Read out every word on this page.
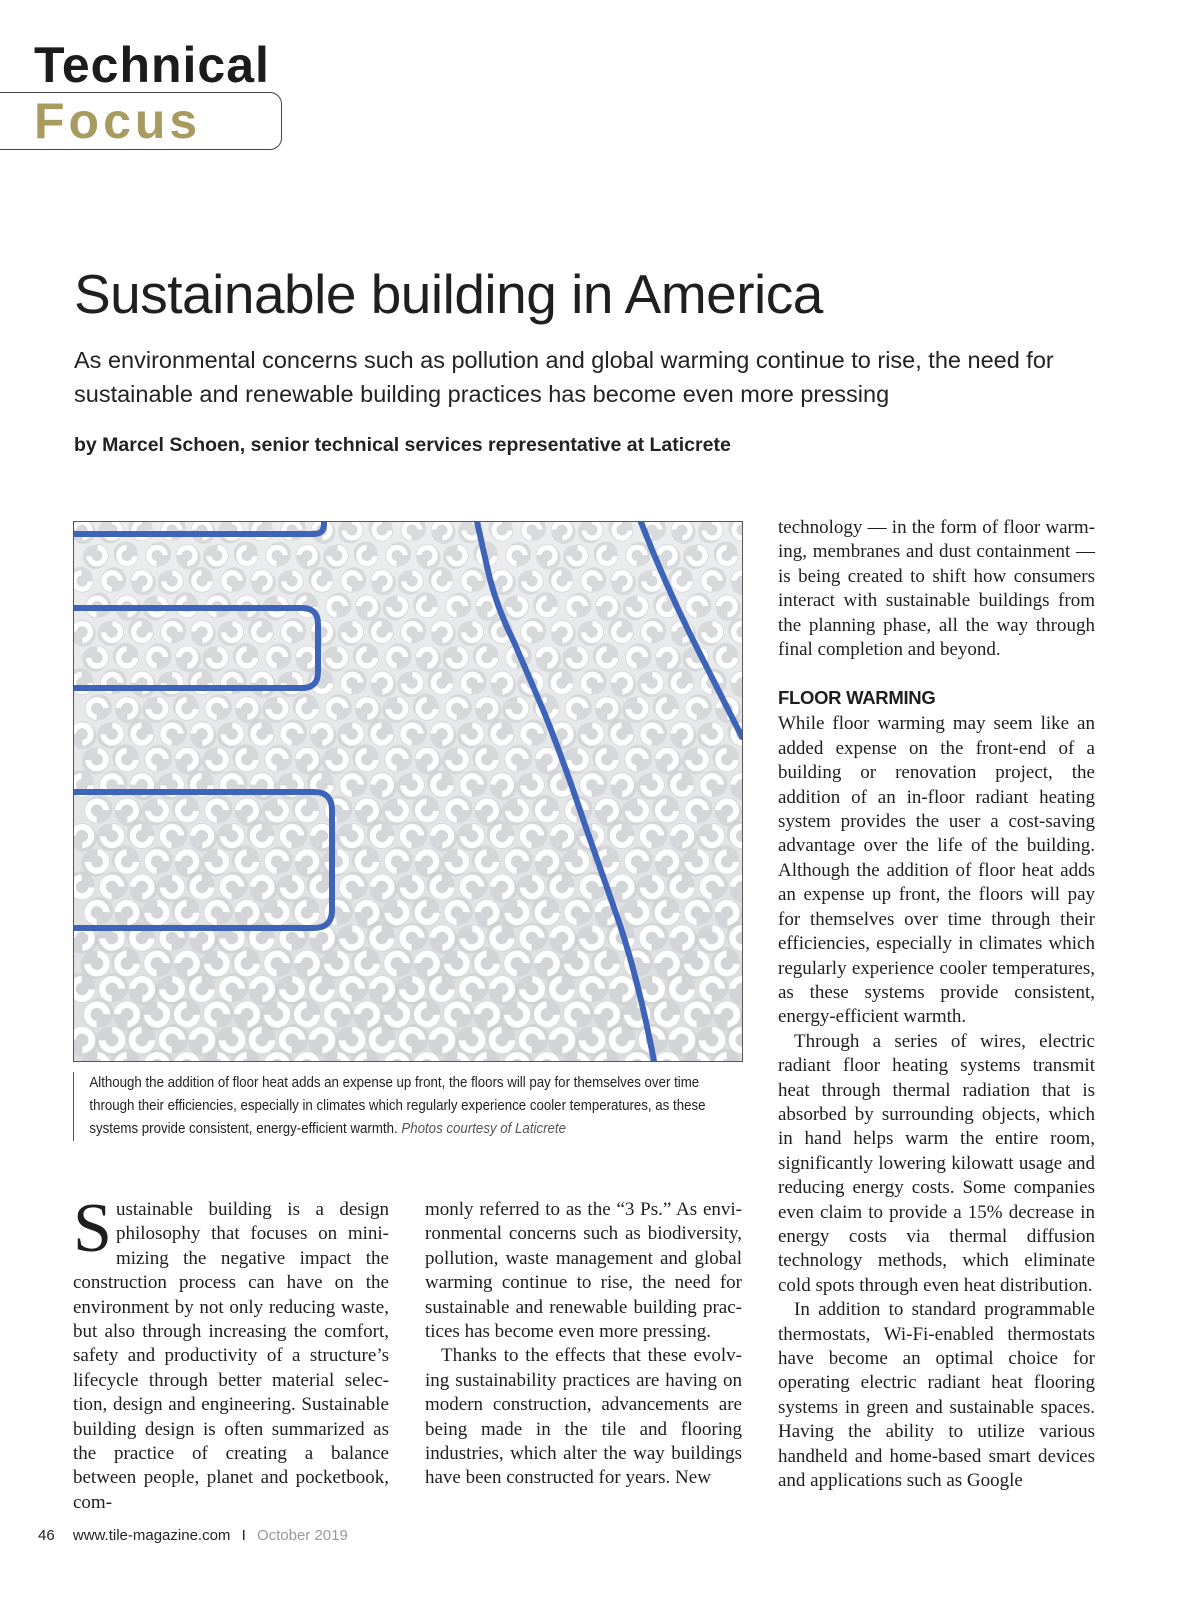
Technical
Focus
Sustainable building in America

As environmental concerns such as pollution and global warming continue to rise, the need for sustainable and renewable building practices has become even more pressing

by Marcel Schoen, senior technical services representative at Laticrete

Although the addition of floor heat adds an expense up front, the floors will pay for themselves over time through their efficiencies, especially in climates which regularly experience cooler temperatures, as these systems provide consistent, energy-efficient warmth. Photos courtesy of Laticrete

Sustainable building is a design philosophy that focuses on minimizing the negative impact the construction process can have on the environment by not only reducing waste, but also through increasing the comfort, safety and productivity of a structure’s lifecycle through better material selection, design and engineering. Sustainable building design is often summarized as the practice of creating a balance between people, planet and pocketbook, com-

monly referred to as the “3 Ps.” As environmental concerns such as biodiversity, pollution, waste management and global warming continue to rise, the need for sustainable and renewable building practices has become even more pressing.

Thanks to the effects that these evolving sustainability practices are having on modern construction, advancements are being made in the tile and flooring industries, which alter the way buildings have been constructed for years. New

technology — in the form of floor warming, membranes and dust containment — is being created to shift how consumers interact with sustainable buildings from the planning phase, all the way through final completion and beyond.

FLOOR WARMING

While floor warming may seem like an added expense on the front-end of a building or renovation project, the addition of an in-floor radiant heating system provides the user a cost-saving advantage over the life of the building. Although the addition of floor heat adds an expense up front, the floors will pay for themselves over time through their efficiencies, especially in climates which regularly experience cooler temperatures, as these systems provide consistent, energy-efficient warmth.

Through a series of wires, electric radiant floor heating systems transmit heat through thermal radiation that is absorbed by surrounding objects, which in hand helps warm the entire room, significantly lowering kilowatt usage and reducing energy costs. Some companies even claim to provide a 15% decrease in energy costs via thermal diffusion technology methods, which eliminate cold spots through even heat distribution.

In addition to standard programmable thermostats, Wi-Fi-enabled thermostats have become an optimal choice for operating electric radiant heat flooring systems in green and sustainable spaces. Having the ability to utilize various handheld and home-based smart devices and applications such as Google

46 www.tile-magazine.com I October 2019
